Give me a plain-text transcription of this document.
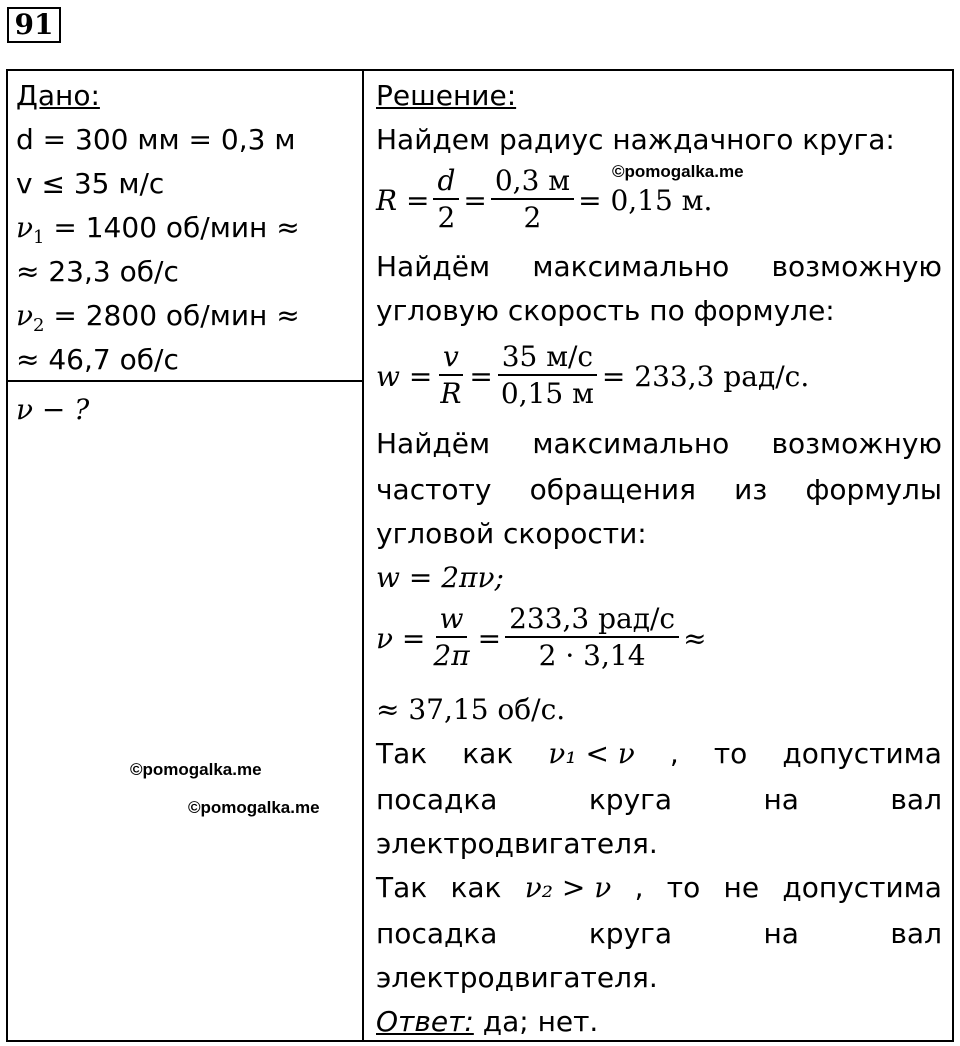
91
Дано:
d = 300 мм = 0,3 м
v ≤ 35 м/с
$\nu_1 = 1400$ об/мин ≈
≈ 23,3 об/с
$\nu_2 = 2800$ об/мин ≈
≈ 46,7 об/с
ν − ?
Решение:
Найдем радиус наждачного круга:
$R = \frac{d}{2} = \frac{0,3 м}{2} = 0,15$ м.
Найдём максимально возможную
угловую скорость по формуле:
$w = \frac{v}{R} = \frac{35 м/с}{0,15 м} = 233,3$ рад/с.
Найдём максимально возможную
частоту обращения из формулы
угловой скорости:
w = 2πν;
$\nu = \frac{w}{2\pi} = \frac{\text{233,3 рад/с}}{2 \cdot 3,14}$ ≈
≈ 37,15 об/с.
Так как ν₁ < ν , то допустима
посадка	круга	на	вал
электродвигателя.
Так как ν₂ > ν , то не допустима
посадка	круга	на	вал
электродвигателя.
Ответ: да; нет.
©pomogalka.me
©pomogalka.me
©pomogalka.me
